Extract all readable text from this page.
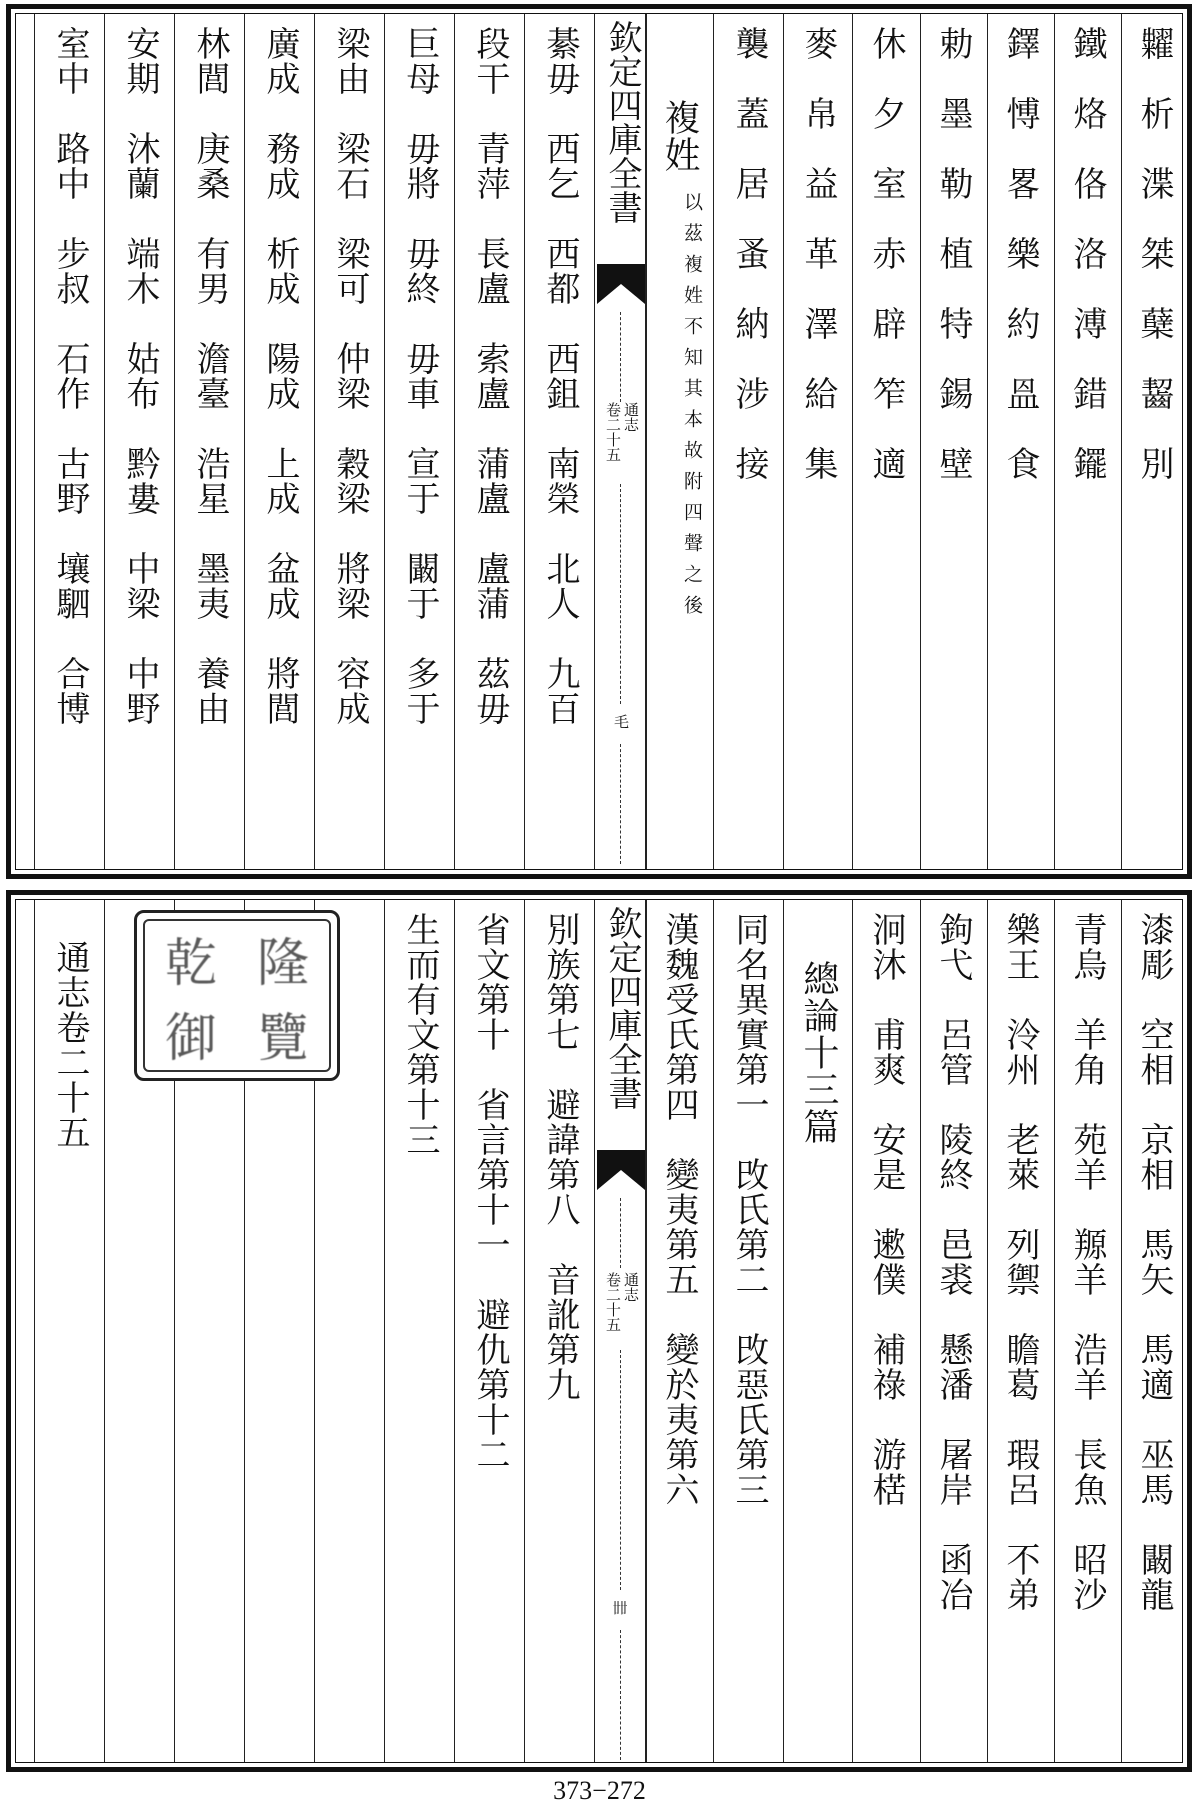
糶　析　渫　桀　蘖　齧　別
鐵　烙　佫　洛　溥　錯　䥯
鐸　愽　畧　樂　約　𥁕　食
勅　墨　勒　植　特　錫　壁
休　夕　室　赤　辟　笮　適
麥　帛　益　革　澤　給　集
襲　蓋　居　蚤　納　涉　接
複姓
以茲複姓不知其本故附四聲之後
欽定四庫全書
通志
卷二十五
毛
綦毋　西乞　西都　西鉏　南榮　北人　九百
段干　青萍　長盧　索盧　蒲盧　盧蒲　茲毋
巨母　毋將　毋終　毋車　宣于　闞于　多于
梁由　梁石　梁可　仲梁　穀梁　將梁　容成
廣成　務成　析成　陽成　上成　盆成　將閭
林閭　庚桑　有男　澹臺　浩星　墨夷　養由
安期　沐蘭　端木　姑布　黔婁　中梁　中野
室中　路中　步叔　石作　古野　壤駟　合博
漆彫　空相　京相　馬矢　馬適　巫馬　闞龍
青烏　羊角　苑羊　羱羊　浩羊　長魚　昭沙
樂王　泠州　老萊　列禦　瞻葛　瑕呂　不弟
鉤弋　呂管　陵終　邑裘　懸潘　屠岸　函冶
泂沐　甫爽　安是　遬僕　補祿　游楛
總論十三篇
同名異實第一　攺氏第二　攺惡氏第三
漢魏受氏第四　變夷第五　變於夷第六
欽定四庫全書
通志
卷二十五
𠦜
別族第七　避諱第八　音訛第九
省文第十　省言第十一　避仇第十二
生而有文第十三
乾 隆
御 覽
通志卷二十五
373−272
